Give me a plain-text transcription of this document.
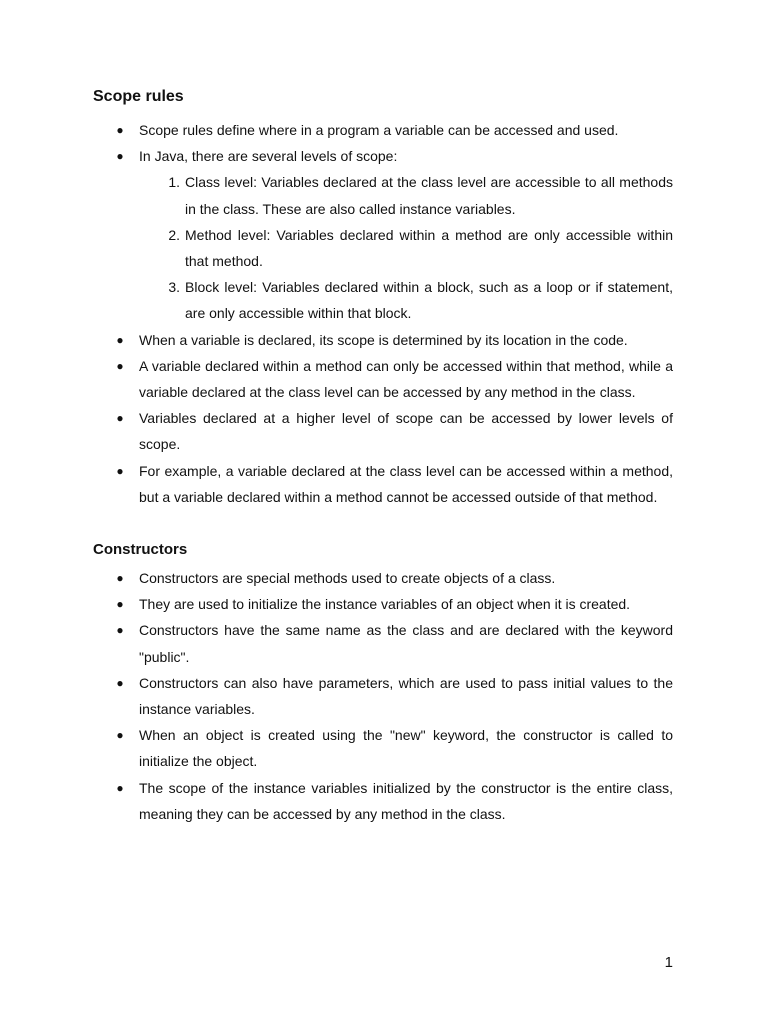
Scope rules
● Scope rules define where in a program a variable can be accessed and used.
● In Java, there are several levels of scope:
1. Class level: Variables declared at the class level are accessible to all methods in the class. These are also called instance variables.
2. Method level: Variables declared within a method are only accessible within that method.
3. Block level: Variables declared within a block, such as a loop or if statement, are only accessible within that block.
● When a variable is declared, its scope is determined by its location in the code.
● A variable declared within a method can only be accessed within that method, while a variable declared at the class level can be accessed by any method in the class.
● Variables declared at a higher level of scope can be accessed by lower levels of scope.
● For example, a variable declared at the class level can be accessed within a method, but a variable declared within a method cannot be accessed outside of that method.
Constructors
● Constructors are special methods used to create objects of a class.
● They are used to initialize the instance variables of an object when it is created.
● Constructors have the same name as the class and are declared with the keyword "public".
● Constructors can also have parameters, which are used to pass initial values to the instance variables.
● When an object is created using the "new" keyword, the constructor is called to initialize the object.
● The scope of the instance variables initialized by the constructor is the entire class, meaning they can be accessed by any method in the class.
1
